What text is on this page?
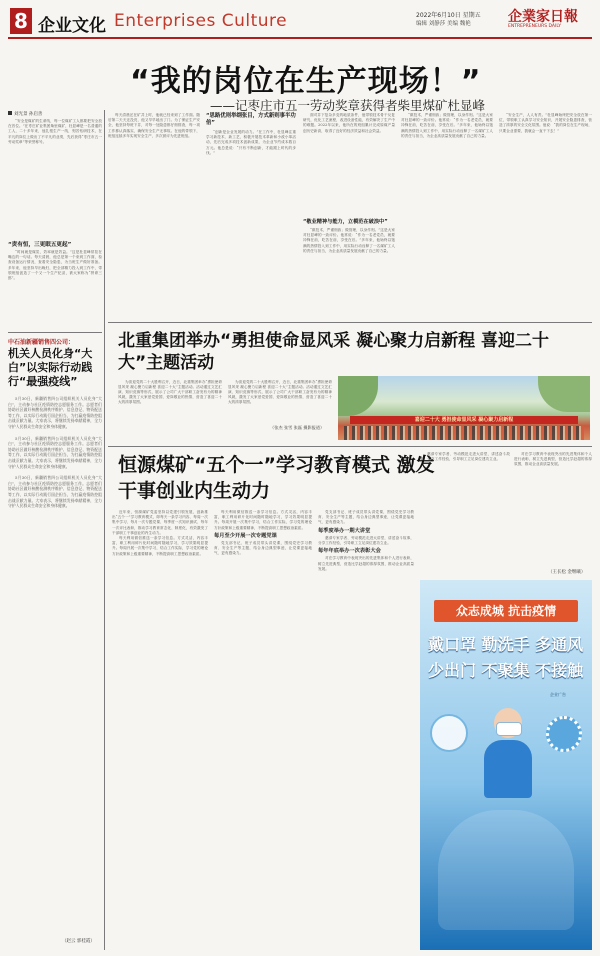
8 企业文化 Enterprises Culture	2022年6月10日 星期五
编辑 刘静莎 美编 魏艳	企業家日報
ENTREPRENEURS DAILY
“我的岗位在生产现场！”
——记枣庄市五一劳动奖章获得者柴里煤矿杜显峰
刘光景 孙启善

“安全是煤矿的生命线，每一位煤矿工人都要把安全放在首位。”在枣庄矿业集团柴里煤矿，杜显峰是一名普通的工人，二十多年来，他扎根生产一线，刻苦钻研技术，在平凡的岗位上做出了不平凡的业绩，先后获得“枣庄市五一劳动奖章”等荣誉称号。

“责有恒，三更眠五更起”

“时间就是煤炭，效率就是效益。”这是杜显峰常挂在嘴边的一句话。每天清晨，他总是第一个来到工作面，检查设备运行情况，查看安全隐患，为当班生产做好准备。多年来，他坚持早出晚归，把全部精力投入到工作中，带领班组创造了一个又一个生产纪录，被大家称为“拼命三郎”。

每天清晨还在矿井上时，他就已经来到了工作面。随后第二天天还没亮，他又早早地出了门。为了保证生产安全，他坚持每班下井，对每一处隐患都仔细排查，每一项工作都认真落实，确保安全生产无事故。在他的带领下，班组连续多年实现安全生产，多次被评为先进班组。

“思路优则举纲张目，方式新则事半功倍”

“创新是企业发展的动力。”在工作中，杜显峰注重学习新技术、新工艺，积极开展技术革新和小改小革活动，先后完成多项技术创新成果，为企业节约成本数百万元。他总是说：“只有不断创新，才能跟上时代的步伐。”

面对井下复杂多变的地质条件，他带领技术骨干反复研究，优化工艺流程，改进设备性能，有效解决了生产中的难题。2022年以来，他所在的班组累计完成原煤产量创历史新高，取得了良好的经济效益和社会效益。

“敬业精神与能力，立模范在破浪中”

“做技术，严谨细致；做管理，以身作则。”这是大家对杜显峰的一致评价。他常说：“作为一名老党员，就要冲锋在前，吃苦在前，享受在后。”多年来，他始终以饱满的热情投入到工作中，用实际行动诠释了一名煤矿工人的责任与担当，为企业高质量发展贡献了自己的力量。

“做技术，严谨细致；做管理，以身作则。”这是大家对杜显峰的一致评价。他常说：“作为一名老党员，就要冲锋在前，吃苦在前，享受在后。”多年来，他始终以饱满的热情投入到工作中，用实际行动诠释了一名煤矿工人的责任与担当，为企业高质量发展贡献了自己的力量。

“安全生产，人人有责。”杜显峰始终把安全放在第一位，带领职工认真学习安全知识，开展安全隐患排查，营造了浓厚的安全文化氛围。他说：“我的岗位在生产现场，只要企业需要，我就会一直干下去！”

中石油新疆销售四公司：
机关人员化身“大白”以实际行动践行“最强疫线”

5月30日，新疆销售四公司组织机关人员化身“大白”，主动参与社区疫情防控志愿服务工作。志愿者们协助社区做好核酸检测秩序维护、信息登记、物资配送等工作，以实际行动践行国企担当，为打赢疫情防控阻击战贡献力量。大家表示，将继续发扬奉献精神，全力守护人民群众生命安全和身体健康。

5月30日，新疆销售四公司组织机关人员化身“大白”，主动参与社区疫情防控志愿服务工作。志愿者们协助社区做好核酸检测秩序维护、信息登记、物资配送等工作，以实际行动践行国企担当，为打赢疫情防控阻击战贡献力量。大家表示，将继续发扬奉献精神，全力守护人民群众生命安全和身体健康。

5月30日，新疆销售四公司组织机关人员化身“大白”，主动参与社区疫情防控志愿服务工作。志愿者们协助社区做好核酸检测秩序维护、信息登记、物资配送等工作，以实际行动践行国企担当，为打赢疫情防控阻击战贡献力量。大家表示，将继续发扬奉献精神，全力守护人民群众生命安全和身体健康。

（赵云 郭桂霞）
北重集团举办“勇担使命显风采 凝心聚力启新程 喜迎二十大”主题活动

为喜迎党的二十大胜利召开，近日，北重集团举办“勇担使命显风采 凝心聚力启新程 喜迎二十大”主题活动。活动通过文艺汇演、知识竞赛等形式，展示了公司广大干部职工奋发有为的精神风貌，激发了大家爱党爱国、爱岗敬业的热情，营造了喜迎二十大的浓厚氛围。

为喜迎党的二十大胜利召开，近日，北重集团举办“勇担使命显风采 凝心聚力启新程 喜迎二十大”主题活动。活动通过文艺汇演、知识竞赛等形式，展示了公司广大干部职工奋发有为的精神风貌，激发了大家爱党爱国、爱岗敬业的热情，营造了喜迎二十大的浓厚氛围。

（张杰 张雪 张磊 摄影报道）
喜迎二十大 勇担使命显风采 凝心聚力启新程
恒源煤矿“五个一”学习教育模式 激发干事创业内生动力

近年来，恒源煤矿党委坚持以党建引领发展，创新推出“五个一”学习教育模式，即每天一条学习内容、每周一次集中学习、每月一次专题党课、每季度一次知识测试、每年一次评比表彰，推动学习教育常态化、制度化，有效激发了干部职工干事创业的内生动力。

每天利用微信推送一条学习信息。方式灵活，内容丰富，职工利用碎片化时间随时随地学习，学习效果明显提升。每周开展一次集中学习，结合工作实际，学习党的理论方针政策和上级重要精神，不断提高职工思想政治素质。

每天利用微信推送一条学习信息。方式灵活，内容丰富，职工利用碎片化时间随时随地学习，学习效果明显提升。每周开展一次集中学习，结合工作实际，学习党的理论方针政策和上级重要精神，不断提高职工思想政治素质。

每月至少开展一次专题党课

党支部书记、班子成员带头讲党课，围绕党史学习教育、安全生产等主题，结合身边典型事迹，让党课更接地气、更有感染力。

党支部书记、班子成员带头讲党课，围绕党史学习教育、安全生产等主题，结合身边典型事迹，让党课更接地气、更有感染力。

每季度举办一期大讲堂

邀请专家学者、劳动模范走进大讲堂，讲述奋斗故事，分享工作经验，引导职工立足岗位建功立业。

每年年底举办一次表彰大会

对在学习教育中表现突出的先进集体和个人进行表彰，树立先进典型，营造比学赶超的浓厚氛围，推动企业高质量发展。

邀请专家学者、劳动模范走进大讲堂，讲述奋斗故事，分享工作经验，引导职工立足岗位建功立业。

对在学习教育中表现突出的先进集体和个人进行表彰，树立先进典型，营造比学赶超的浓厚氛围，推动企业高质量发展。

（王长松 金继曦）
众志成城 抗击疫情
戴口罩 勤洗手 多通风
少出门 不聚集 不接触
企业广告
